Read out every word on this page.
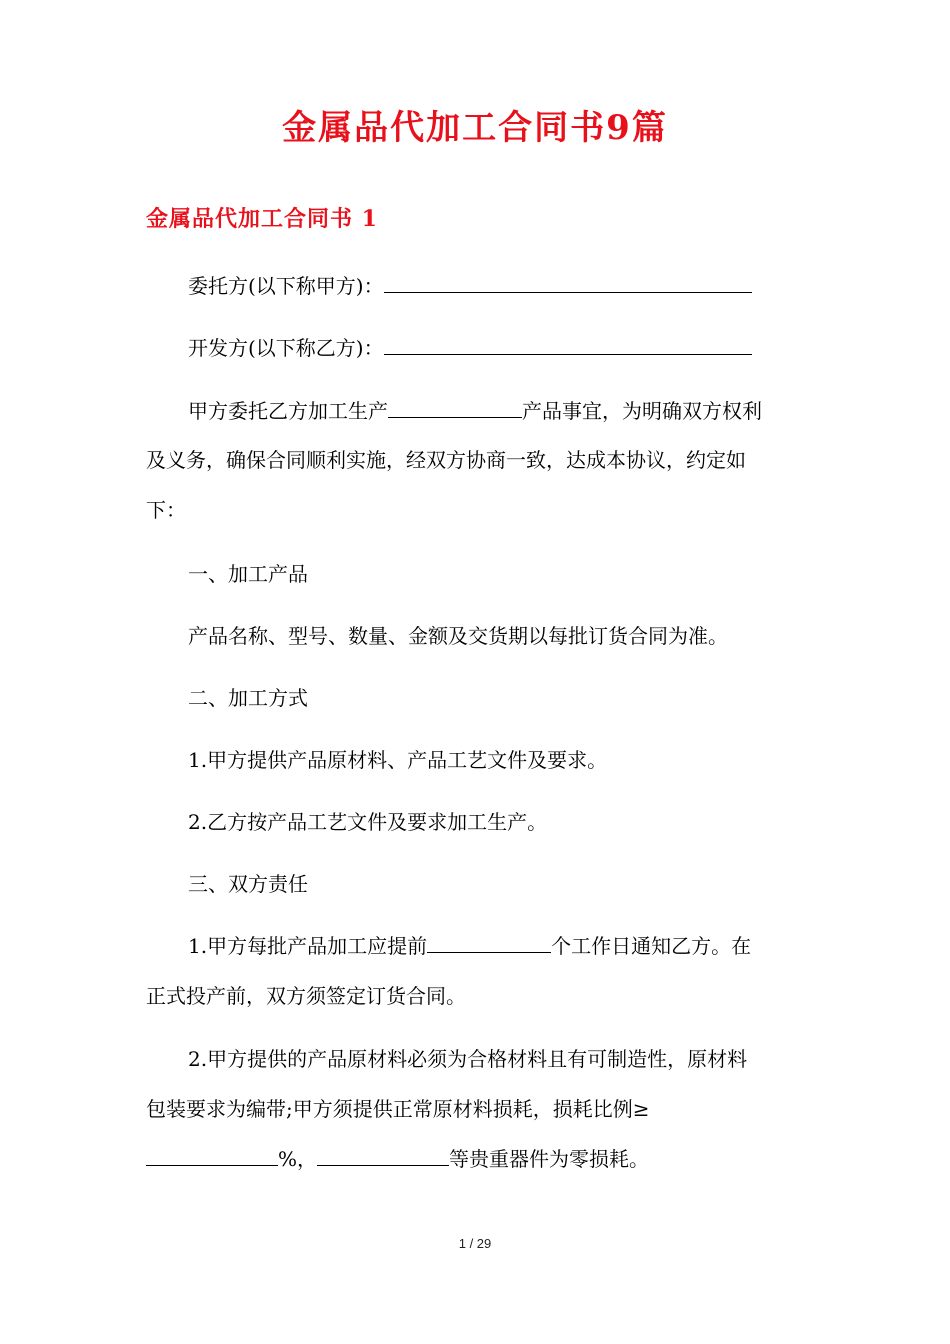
金属品代加工合同书9篇
金属品代加工合同书 1
委托方(以下称甲方)：
开发方(以下称乙方)：
甲方委托乙方加工生产	产品事宜，为明确双方权利
及义务，确保合同顺利实施，经双方协商一致，达成本协议，约定如
下：
一、加工产品
产品名称、型号、数量、金额及交货期以每批订货合同为准。
二、加工方式
1.甲方提供产品原材料、产品工艺文件及要求。
2.乙方按产品工艺文件及要求加工生产。
三、双方责任
1.甲方每批产品加工应提前	个工作日通知乙方。在
正式投产前，双方须签定订货合同。
2.甲方提供的产品原材料必须为合格材料且有可制造性，原材料
包装要求为编带;甲方须提供正常原材料损耗，损耗比例≥
%，	等贵重器件为零损耗。
1 / 29
